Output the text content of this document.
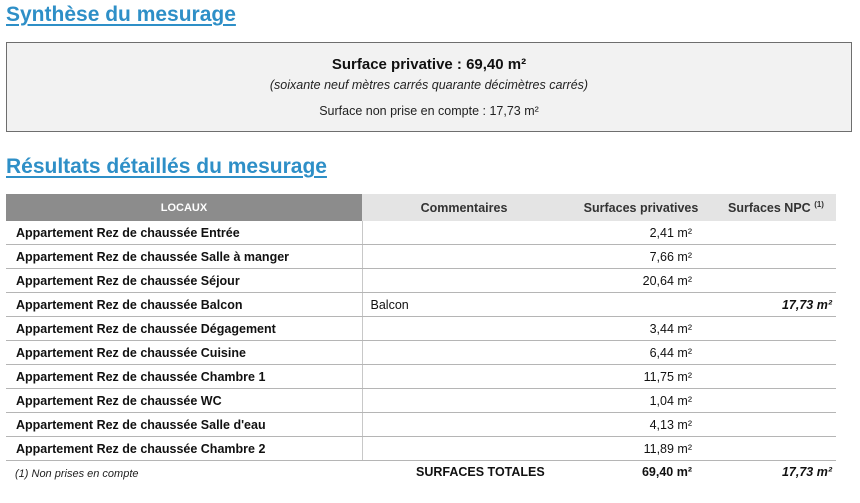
Synthèse du mesurage
Surface privative : 69,40 m²
(soixante neuf mètres carrés quarante décimètres carrés)
Surface non prise en compte : 17,73 m²
Résultats détaillés du mesurage
LOCAUX	Commentaires	Surfaces privatives	Surfaces NPC $^{(1)}$
Appartement Rez de chaussée Entrée		2,41 m²	
Appartement Rez de chaussée Salle à manger		7,66 m²	
Appartement Rez de chaussée Séjour		20,64 m²	
Appartement Rez de chaussée Balcon	Balcon		17,73 m²
Appartement Rez de chaussée Dégagement		3,44 m²	
Appartement Rez de chaussée Cuisine		6,44 m²	
Appartement Rez de chaussée Chambre 1		11,75 m²	
Appartement Rez de chaussée WC		1,04 m²	
Appartement Rez de chaussée Salle d'eau		4,13 m²	
Appartement Rez de chaussée Chambre 2		11,89 m²	
(1) Non prises en compte	SURFACES TOTALES	69,40 m²	17,73 m²
